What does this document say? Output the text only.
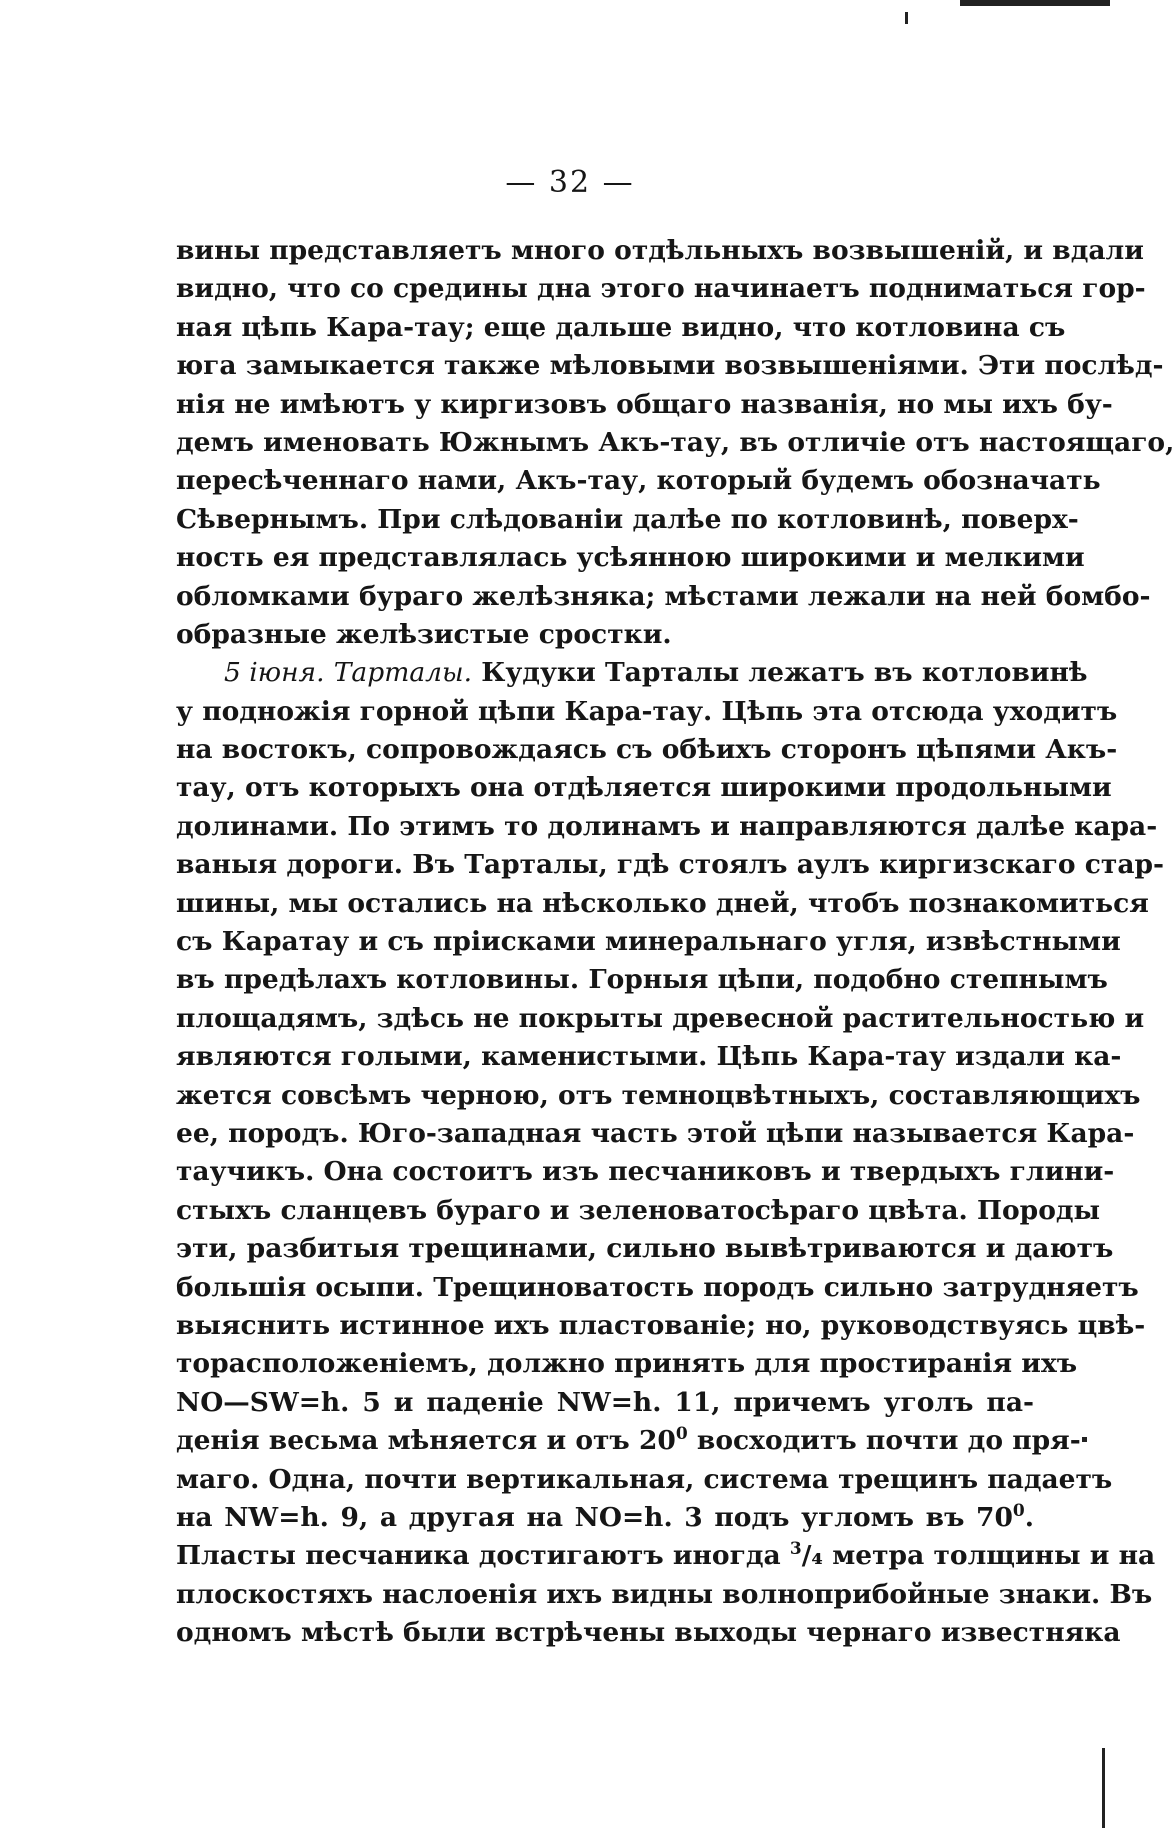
— 32 —
вины представляетъ много отдѣльныхъ возвышеній, и вдали
видно, что со средины дна этого начинаетъ подниматься гор-
ная цѣпь Кара-тау; еще дальше видно, что котловина съ
юга замыкается также мѣловыми возвышеніями. Эти послѣд-
нія не имѣютъ у киргизовъ общаго названія, но мы ихъ бу-
демъ именовать Южнымъ Акъ-тау, въ отличіе отъ настоящаго,
пересѣченнаго нами, Акъ-тау, который будемъ обозначать
Сѣвернымъ. При слѣдованіи далѣе по котловинѣ, поверх-
ность ея представлялась усѣянною широкими и мелкими
обломками бураго желѣзняка; мѣстами лежали на ней бомбо-
образные желѣзистые сростки.
5 іюня. Тарталы. Кудуки Тарталы лежатъ въ котловинѣ
у подножія горной цѣпи Кара-тау. Цѣпь эта отсюда уходитъ
на востокъ, сопровождаясь съ обѣихъ сторонъ цѣпями Акъ-
тау, отъ которыхъ она отдѣляется широкими продольными
долинами. По этимъ то долинамъ и направляются далѣе кара-
ваныя дороги. Въ Тарталы, гдѣ стоялъ аулъ киргизскаго стар-
шины, мы остались на нѣсколько дней, чтобъ познакомиться
съ Каратау и съ пріисками минеральнаго угля, извѣстными
въ предѣлахъ котловины. Горныя цѣпи, подобно степнымъ
площадямъ, здѣсь не покрыты древесной растительностью и
являются голыми, каменистыми. Цѣпь Кара-тау издали ка-
жется совсѣмъ черною, отъ темноцвѣтныхъ, составляющихъ
ее, породъ. Юго-западная часть этой цѣпи называется Кара-
таучикъ. Она состоитъ изъ песчаниковъ и твердыхъ глини-
стыхъ сланцевъ бураго и зеленоватосѣраго цвѣта. Породы
эти, разбитыя трещинами, сильно вывѣтриваются и даютъ
большія осыпи. Трещиноватость породъ сильно затрудняетъ
выяснить истинное ихъ пластованіе; но, руководствуясь цвѣ-
торасположеніемъ, должно принять для простиранія ихъ
NO—SW=h. 5 и паденіе NW=h. 11, причемъ уголъ па-
денія весьма мѣняется и отъ $20^0$ восходитъ почти до пря-
маго. Одна, почти вертикальная, система трещинъ падаетъ
на NW=h. 9, а другая на NO=h. 3 подъ угломъ въ $70^0$.
Пласты песчаника достигаютъ иногда $^3$/₄ метра толщины и на
плоскостяхъ наслоенія ихъ видны волноприбойные знаки. Въ
одномъ мѣстѣ были встрѣчены выходы чернаго известняка
